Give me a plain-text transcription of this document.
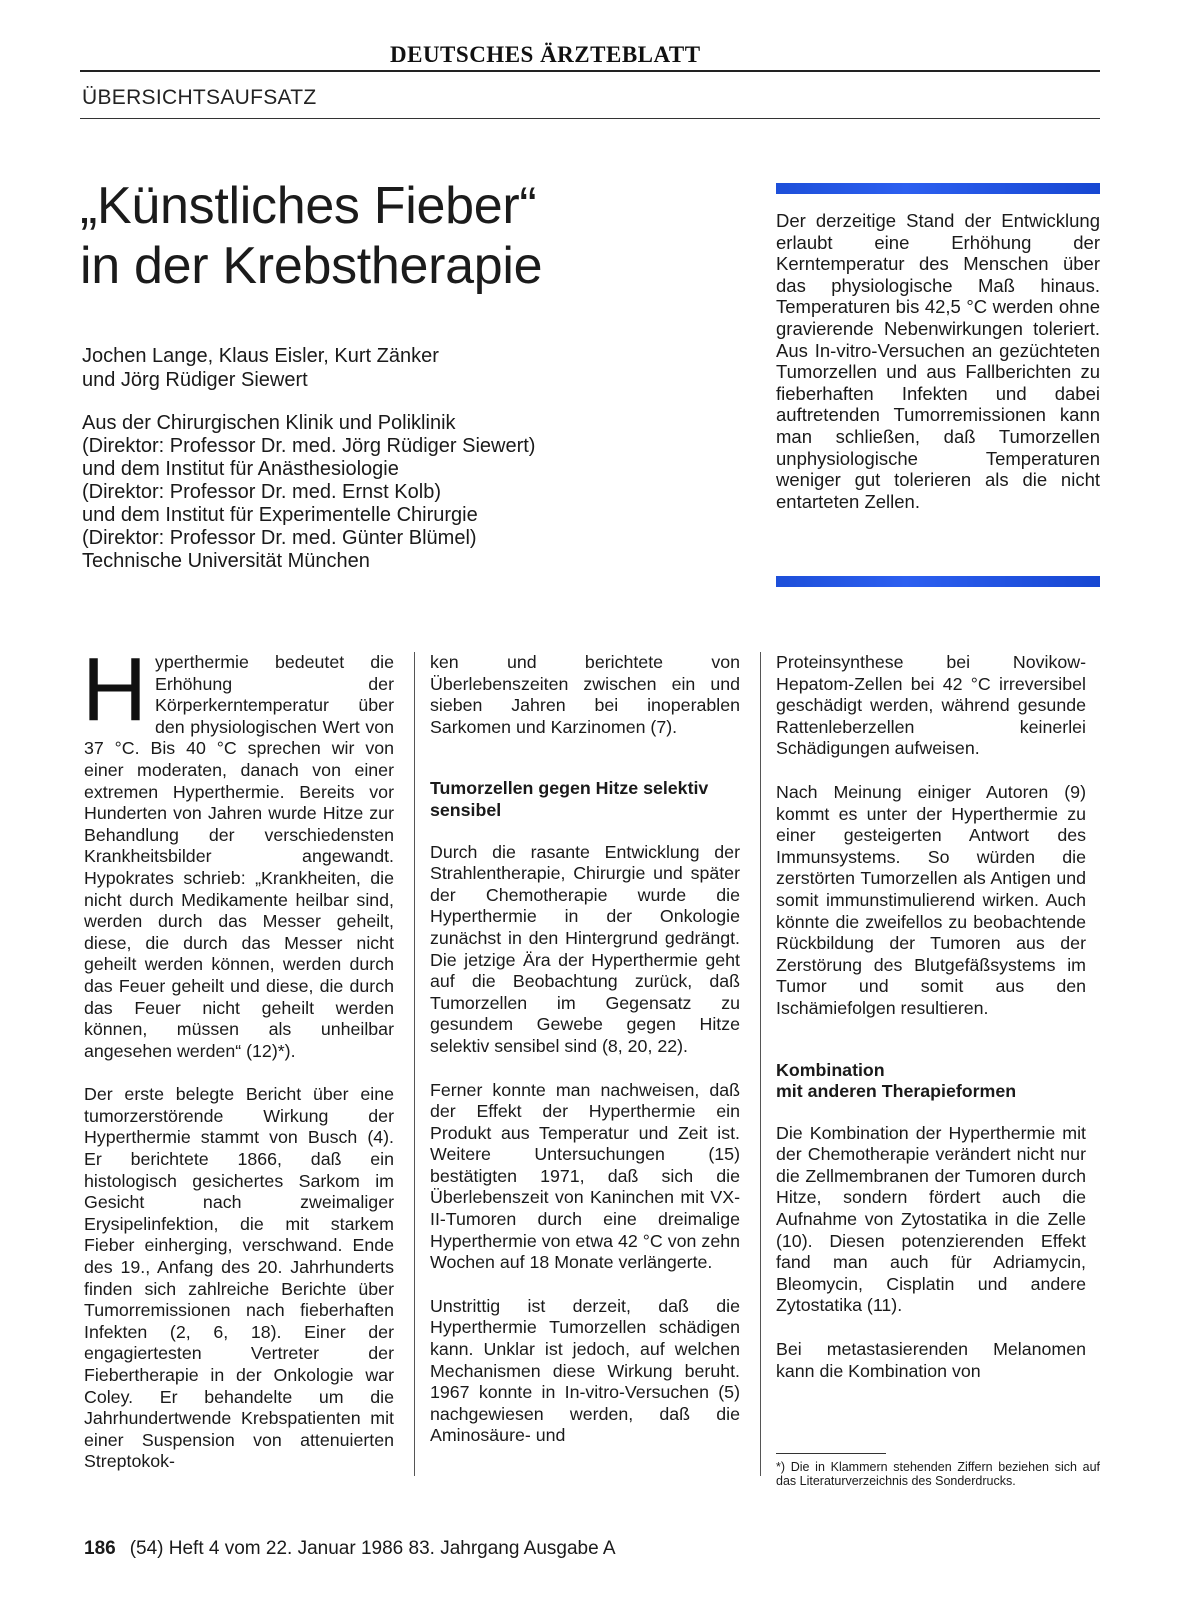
DEUTSCHES ÄRZTEBLATT
ÜBERSICHTSAUFSATZ
„Künstliches Fieber“
in der Krebstherapie
Jochen Lange, Klaus Eisler, Kurt Zänker
und Jörg Rüdiger Siewert
Aus der Chirurgischen Klinik und Poliklinik
(Direktor: Professor Dr. med. Jörg Rüdiger Siewert)
und dem Institut für Anästhesiologie
(Direktor: Professor Dr. med. Ernst Kolb)
und dem Institut für Experimentelle Chirurgie
(Direktor: Professor Dr. med. Günter Blümel)
Technische Universität München
Der derzeitige Stand der Entwicklung erlaubt eine Erhöhung der Kerntemperatur des Menschen über das physiologische Maß hinaus. Temperaturen bis 42,5 °C werden ohne gravierende Nebenwirkungen toleriert. Aus In-vitro-Versuchen an gezüchteten Tumorzellen und aus Fallberichten zu fieberhaften Infekten und dabei auftretenden Tumorremissionen kann man schließen, daß Tumorzellen unphysiologische Temperaturen weniger gut tolerieren als die nicht entarteten Zellen.

Hyperthermie bedeutet die Erhöhung der Körperkerntemperatur über den physiologischen Wert von 37 °C. Bis 40 °C sprechen wir von einer moderaten, danach von einer extremen Hyperthermie. Bereits vor Hunderten von Jahren wurde Hitze zur Behandlung der verschiedensten Krankheitsbilder angewandt. Hypokrates schrieb: „Krankheiten, die nicht durch Medikamente heilbar sind, werden durch das Messer geheilt, diese, die durch das Messer nicht geheilt werden können, werden durch das Feuer geheilt und diese, die durch das Feuer nicht geheilt werden können, müssen als unheilbar angesehen werden“ (12)*).

Der erste belegte Bericht über eine tumorzerstörende Wirkung der Hyperthermie stammt von Busch (4). Er berichtete 1866, daß ein histologisch gesichertes Sarkom im Gesicht nach zweimaliger Erysipelinfektion, die mit starkem Fieber einherging, verschwand. Ende des 19., Anfang des 20. Jahrhunderts finden sich zahlreiche Berichte über Tumorremissionen nach fieberhaften Infekten (2, 6, 18). Einer der engagiertesten Vertreter der Fiebertherapie in der Onkologie war Coley. Er behandelte um die Jahrhundertwende Krebspatienten mit einer Suspension von attenuierten Streptokok-

ken und berichtete von Überlebenszeiten zwischen ein und sieben Jahren bei inoperablen Sarkomen und Karzinomen (7).

Tumorzellen gegen Hitze selektiv sensibel

Durch die rasante Entwicklung der Strahlentherapie, Chirurgie und später der Chemotherapie wurde die Hyperthermie in der Onkologie zunächst in den Hintergrund gedrängt. Die jetzige Ära der Hyperthermie geht auf die Beobachtung zurück, daß Tumorzellen im Gegensatz zu gesundem Gewebe gegen Hitze selektiv sensibel sind (8, 20, 22).

Ferner konnte man nachweisen, daß der Effekt der Hyperthermie ein Produkt aus Temperatur und Zeit ist. Weitere Untersuchungen (15) bestätigten 1971, daß sich die Überlebenszeit von Kaninchen mit VX-II-Tumoren durch eine dreimalige Hyperthermie von etwa 42 °C von zehn Wochen auf 18 Monate verlängerte.

Unstrittig ist derzeit, daß die Hyperthermie Tumorzellen schädigen kann. Unklar ist jedoch, auf welchen Mechanismen diese Wirkung beruht. 1967 konnte in In-vitro-Versuchen (5) nachgewiesen werden, daß die Aminosäure- und

Proteinsynthese bei Novikow-Hepatom-Zellen bei 42 °C irreversibel geschädigt werden, während gesunde Rattenleberzellen keinerlei Schädigungen aufweisen.

Nach Meinung einiger Autoren (9) kommt es unter der Hyperthermie zu einer gesteigerten Antwort des Immunsystems. So würden die zerstörten Tumorzellen als Antigen und somit immunstimulierend wirken. Auch könnte die zweifellos zu beobachtende Rückbildung der Tumoren aus der Zerstörung des Blutgefäßsystems im Tumor und somit aus den Ischämiefolgen resultieren.

Kombination
mit anderen Therapieformen

Die Kombination der Hyperthermie mit der Chemotherapie verändert nicht nur die Zellmembranen der Tumoren durch Hitze, sondern fördert auch die Aufnahme von Zytostatika in die Zelle (10). Diesen potenzierenden Effekt fand man auch für Adriamycin, Bleomycin, Cisplatin und andere Zytostatika (11).

Bei metastasierenden Melanomen kann die Kombination von

*) Die in Klammern stehenden Ziffern beziehen sich auf das Literaturverzeichnis des Sonderdrucks.
186 (54) Heft 4 vom 22. Januar 1986 83. Jahrgang Ausgabe A
